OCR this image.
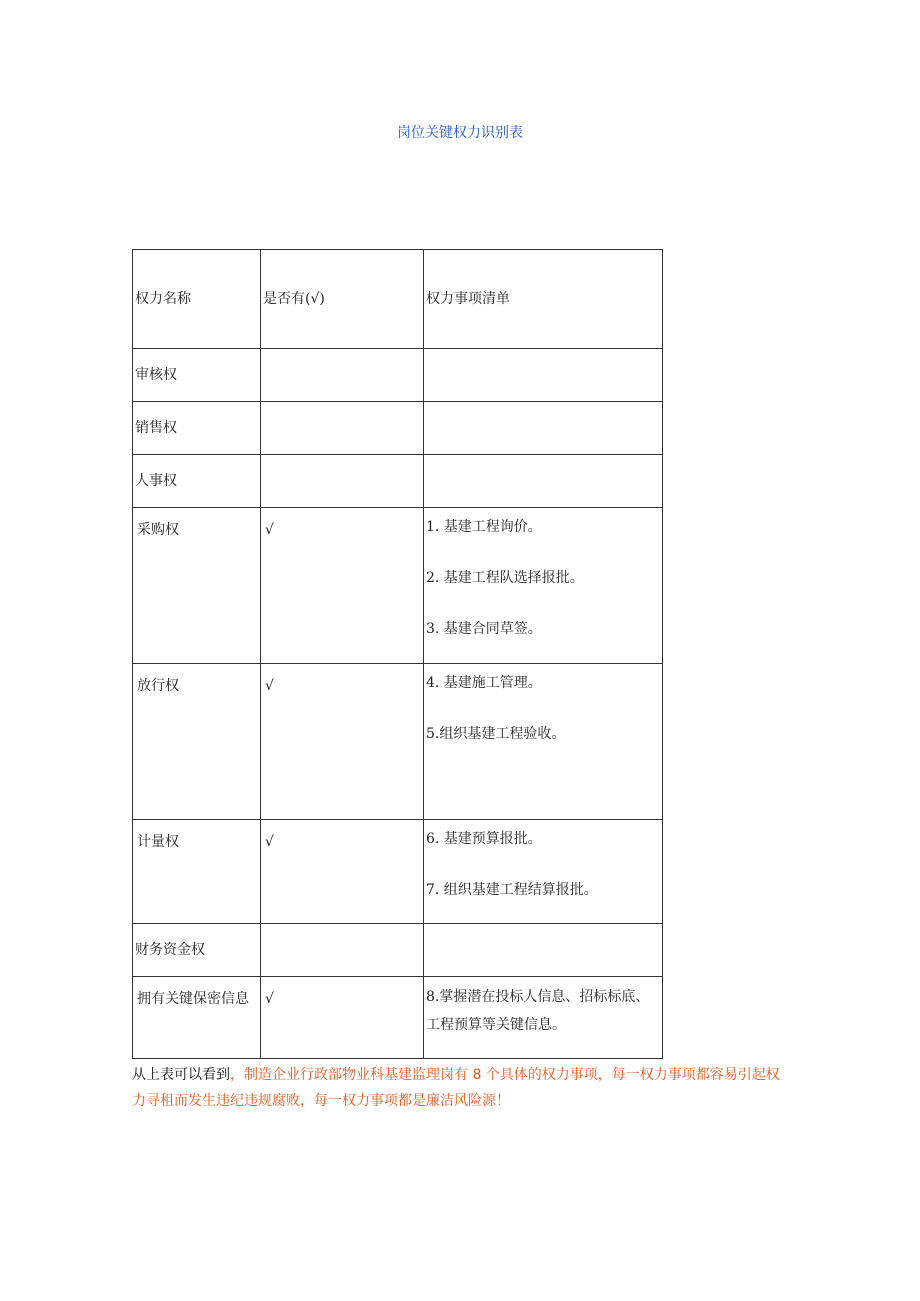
岗位关键权力识别表
权力名称	是否有(√)	权力事项清单

审核权		

销售权		

人事权		

采购权	√	1. 基建工程询价。

2. 基建工程队选择报批。

3. 基建合同草签。

放行权	√	4. 基建施工管理。

5.组织基建工程验收。

计量权	√	6. 基建预算报批。

7. 组织基建工程结算报批。

财务资金权		

拥有关键保密信息	√	8.掌握潜在投标人信息、招标标底、工程预算等关键信息。
从上表可以看到，制造企业行政部物业科基建监理岗有 8 个具体的权力事项，每一权力事项都容易引起权力寻租而发生违纪违规腐败，每一权力事项都是廉洁风险源！
